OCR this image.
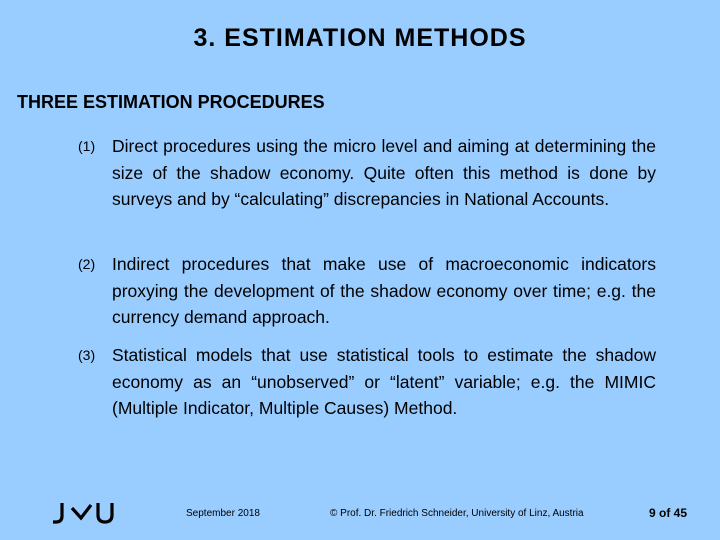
3. ESTIMATION METHODS
THREE ESTIMATION PROCEDURES
(1) Direct procedures using the micro level and aiming at determining the size of the shadow economy. Quite often this method is done by surveys and by “calculating” discrepancies in National Accounts.
(2) Indirect procedures that make use of macroeconomic indicators proxying the development of the shadow economy over time; e.g. the currency demand approach.
(3) Statistical models that use statistical tools to estimate the shadow economy as an “unobserved” or “latent” variable; e.g. the MIMIC (Multiple Indicator, Multiple Causes) Method.
September 2018	© Prof. Dr. Friedrich Schneider, University of Linz, Austria	9 of 45
